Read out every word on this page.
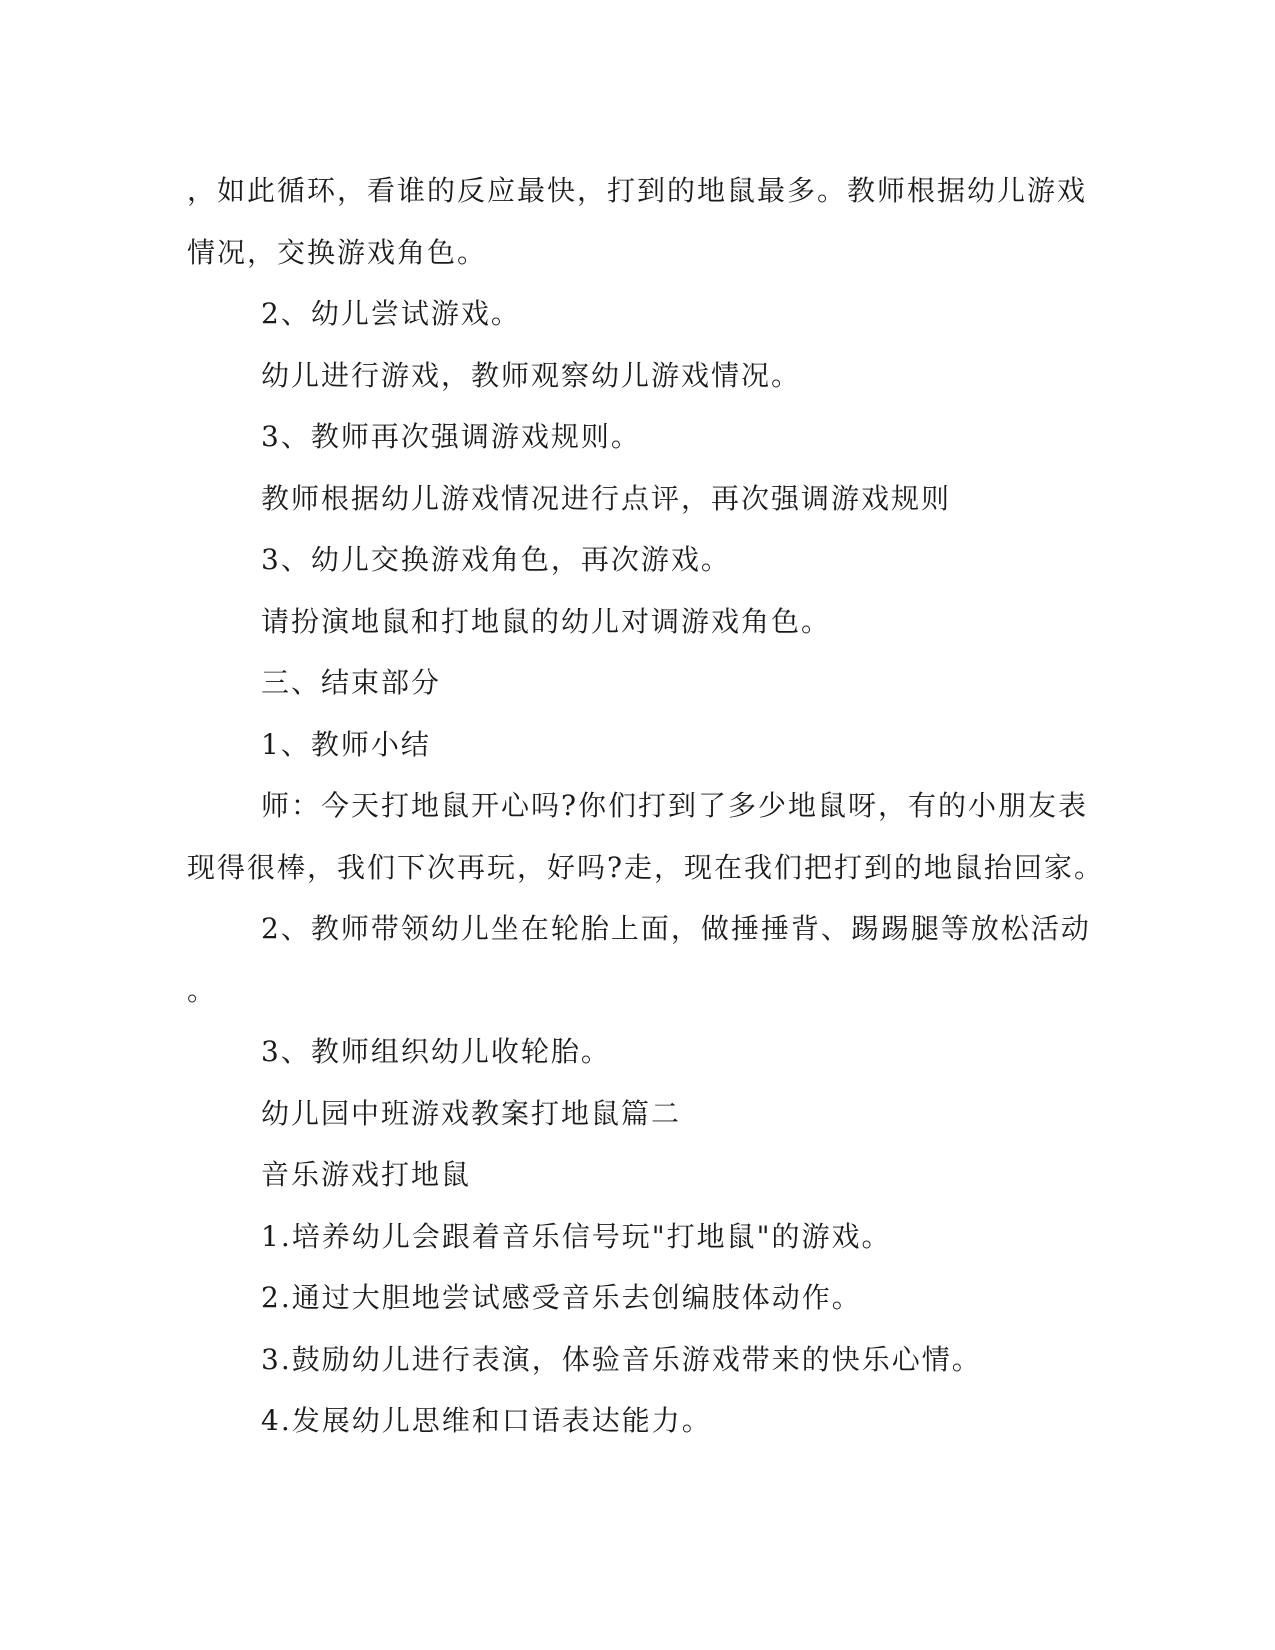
，如此循环，看谁的反应最快，打到的地鼠最多。教师根据幼儿游戏
情况，交换游戏角色。
2、幼儿尝试游戏。
幼儿进行游戏，教师观察幼儿游戏情况。
3、教师再次强调游戏规则。
教师根据幼儿游戏情况进行点评，再次强调游戏规则
3、幼儿交换游戏角色，再次游戏。
请扮演地鼠和打地鼠的幼儿对调游戏角色。
三、结束部分
1、教师小结
师：今天打地鼠开心吗?你们打到了多少地鼠呀，有的小朋友表
现得很棒，我们下次再玩，好吗?走，现在我们把打到的地鼠抬回家。
2、教师带领幼儿坐在轮胎上面，做捶捶背、踢踢腿等放松活动
。
3、教师组织幼儿收轮胎。
幼儿园中班游戏教案打地鼠篇二
音乐游戏打地鼠
1.培养幼儿会跟着音乐信号玩"打地鼠"的游戏。
2.通过大胆地尝试感受音乐去创编肢体动作。
3.鼓励幼儿进行表演，体验音乐游戏带来的快乐心情。
4.发展幼儿思维和口语表达能力。
